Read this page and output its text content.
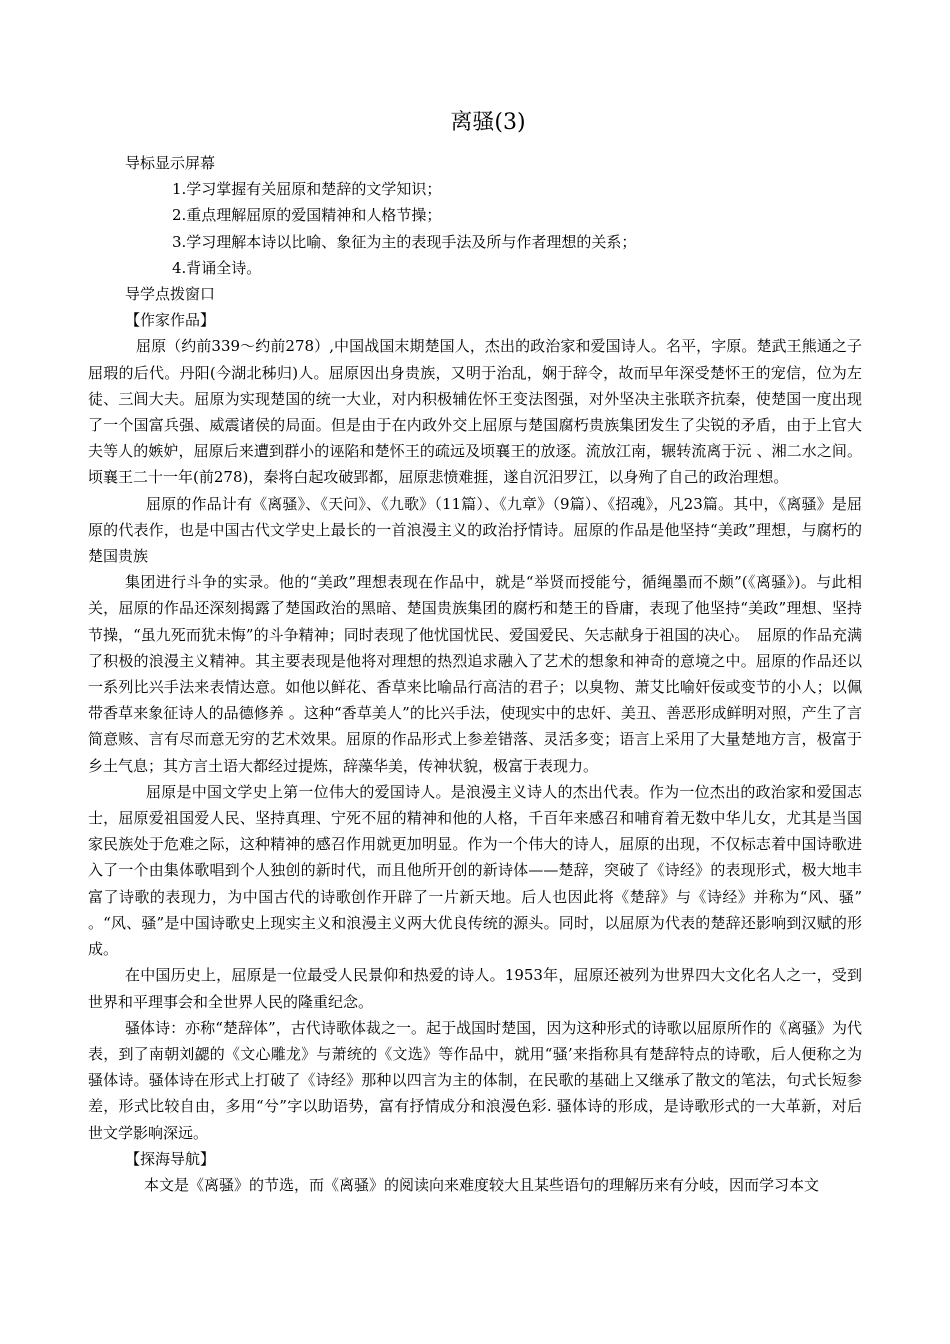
离骚(3)

导标显示屏幕

1.学习掌握有关屈原和楚辞的文学知识；

2.重点理解屈原的爱国精神和人格节操；

3.学习理解本诗以比喻、象征为主的表现手法及所与作者理想的关系；

4.背诵全诗。

导学点拨窗口

【作家作品】

屈原（约前339～约前278）,中国战国末期楚国人，杰出的政治家和爱国诗人。名平，字原。楚武王熊通之子屈瑕的后代。丹阳(今湖北秭归)人。屈原因出身贵族，又明于治乱，娴于辞令，故而早年深受楚怀王的宠信，位为左徒、三闾大夫。屈原为实现楚国的统一大业，对内积极辅佐怀王变法图强，对外坚决主张联齐抗秦，使楚国一度出现了一个国富兵强、威震诸侯的局面。但是由于在内政外交上屈原与楚国腐朽贵族集团发生了尖锐的矛盾，由于上官大夫等人的嫉妒，屈原后来遭到群小的诬陷和楚怀王的疏远及顷襄王的放逐。流放江南，辗转流离于沅 、湘二水之间。顷襄王二十一年(前278)，秦将白起攻破郢都，屈原悲愤难捱，遂自沉汨罗江，以身殉了自己的政治理想。

屈原的作品计有《离骚》、《天问》、《九歌》（11篇）、《九章》（9篇）、《招魂》，凡23篇。其中，《离骚》是屈原的代表作，也是中国古代文学史上最长的一首浪漫主义的政治抒情诗。屈原的作品是他坚持“美政”理想，与腐朽的楚国贵族

集团进行斗争的实录。他的“美政”理想表现在作品中，就是“举贤而授能兮，循绳墨而不颇”(《离骚》)。与此相关，屈原的作品还深刻揭露了楚国政治的黑暗、楚国贵族集团的腐朽和楚王的昏庸，表现了他坚持“美政”理想、坚持节操，“虽九死而犹未悔”的斗争精神；同时表现了他忧国忧民、爱国爱民、矢志献身于祖国的决心。　屈原的作品充满了积极的浪漫主义精神。其主要表现是他将对理想的热烈追求融入了艺术的想象和神奇的意境之中。屈原的作品还以一系列比兴手法来表情达意。如他以鲜花、香草来比喻品行高洁的君子；以臭物、萧艾比喻奸佞或变节的小人；以佩带香草来象征诗人的品德修养 。这种“香草美人”的比兴手法，使现实中的忠奸、美丑、善恶形成鲜明对照，产生了言简意赅、言有尽而意无穷的艺术效果。屈原的作品形式上参差错落、灵活多变；语言上采用了大量楚地方言，极富于乡土气息；其方言土语大都经过提炼，辞藻华美，传神状貌，极富于表现力。

屈原是中国文学史上第一位伟大的爱国诗人。是浪漫主义诗人的杰出代表。作为一位杰出的政治家和爱国志士，屈原爱祖国爱人民、坚持真理、宁死不屈的精神和他的人格，千百年来感召和哺育着无数中华儿女，尤其是当国家民族处于危难之际，这种精神的感召作用就更加明显。作为一个伟大的诗人，屈原的出现，不仅标志着中国诗歌进入了一个由集体歌唱到个人独创的新时代，而且他所开创的新诗体——楚辞，突破了《诗经》的表现形式，极大地丰富了诗歌的表现力，为中国古代的诗歌创作开辟了一片新天地。后人也因此将《楚辞》与《诗经》并称为“风、骚” 。“风、骚”是中国诗歌史上现实主义和浪漫主义两大优良传统的源头。同时，以屈原为代表的楚辞还影响到汉赋的形成。

在中国历史上，屈原是一位最受人民景仰和热爱的诗人。1953年，屈原还被列为世界四大文化名人之一，受到世界和平理事会和全世界人民的隆重纪念。

骚体诗：亦称“楚辞体”，古代诗歌体裁之一。起于战国时楚国，因为这种形式的诗歌以屈原所作的《离骚》为代表，到了南朝刘勰的《文心雕龙》与萧统的《文选》等作品中，就用“骚’来指称具有楚辞特点的诗歌，后人便称之为骚体诗。骚体诗在形式上打破了《诗经》那种以四言为主的体制，在民歌的基础上又继承了散文的笔法，句式长短参差，形式比较自由，多用“兮”字以助语势，富有抒情成分和浪漫色彩. 骚体诗的形成，是诗歌形式的一大革新，对后世文学影响深远。

【探海导航】

本文是《离骚》的节选，而《离骚》的阅读向来难度较大且某些语句的理解历来有分岐，因而学习本文
